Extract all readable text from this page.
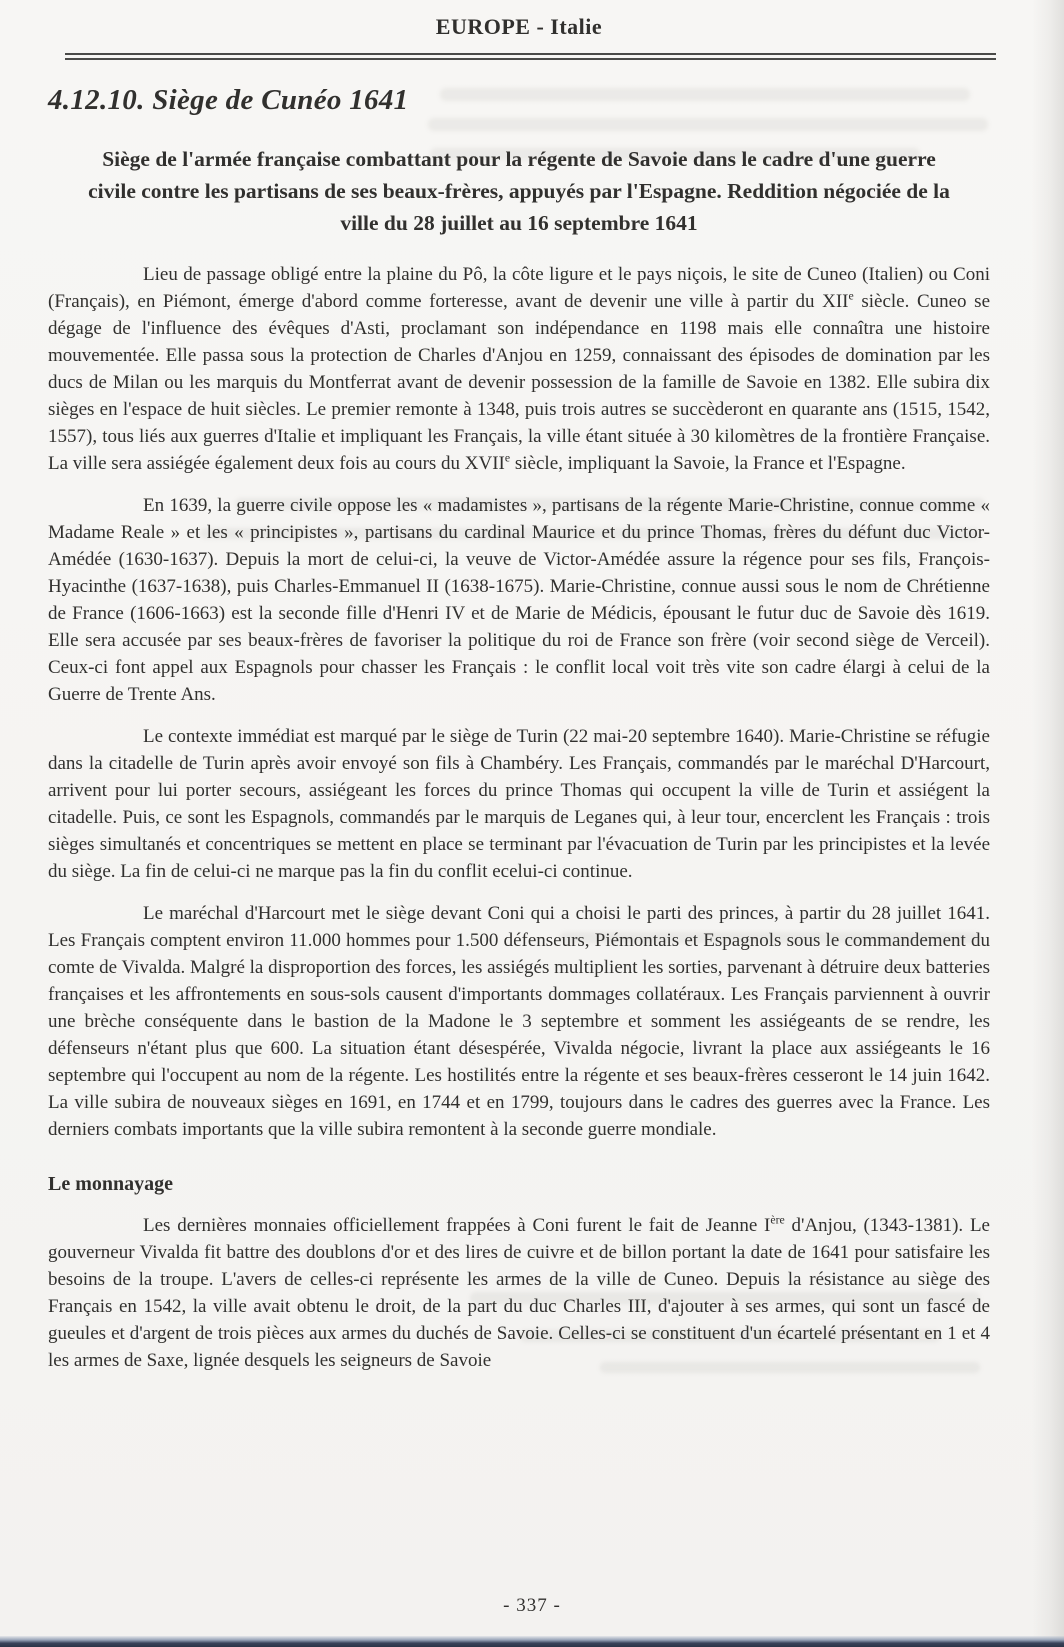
EUROPE - Italie
4.12.10. Siège de Cunéo 1641

Siège de l'armée française combattant pour la régente de Savoie dans le cadre d'une guerre civile contre les partisans de ses beaux-frères, appuyés par l'Espagne. Reddition négociée de la ville du 28 juillet au 16 septembre 1641

Lieu de passage obligé entre la plaine du Pô, la côte ligure et le pays niçois, le site de Cuneo (Italien) ou Coni (Français), en Piémont, émerge d'abord comme forteresse, avant de devenir une ville à partir du XIIe siècle. Cuneo se dégage de l'influence des évêques d'Asti, proclamant son indépendance en 1198 mais elle connaîtra une histoire mouvementée. Elle passa sous la protection de Charles d'Anjou en 1259, connaissant des épisodes de domination par les ducs de Milan ou les marquis du Montferrat avant de devenir possession de la famille de Savoie en 1382. Elle subira dix sièges en l'espace de huit siècles. Le premier remonte à 1348, puis trois autres se succèderont en quarante ans (1515, 1542, 1557), tous liés aux guerres d'Italie et impliquant les Français, la ville étant située à 30 kilomètres de la frontière Française. La ville sera assiégée également deux fois au cours du XVIIe siècle, impliquant la Savoie, la France et l'Espagne.

En 1639, la guerre civile oppose les « madamistes », partisans de la régente Marie-Christine, connue comme « Madame Reale » et les « principistes », partisans du cardinal Maurice et du prince Thomas, frères du défunt duc Victor-Amédée (1630-1637). Depuis la mort de celui-ci, la veuve de Victor-Amédée assure la régence pour ses fils, François-Hyacinthe (1637-1638), puis Charles-Emmanuel II (1638-1675). Marie-Christine, connue aussi sous le nom de Chrétienne de France (1606-1663) est la seconde fille d'Henri IV et de Marie de Médicis, épousant le futur duc de Savoie dès 1619. Elle sera accusée par ses beaux-frères de favoriser la politique du roi de France son frère (voir second siège de Verceil). Ceux-ci font appel aux Espagnols pour chasser les Français : le conflit local voit très vite son cadre élargi à celui de la Guerre de Trente Ans.

Le contexte immédiat est marqué par le siège de Turin (22 mai-20 septembre 1640). Marie-Christine se réfugie dans la citadelle de Turin après avoir envoyé son fils à Chambéry. Les Français, commandés par le maréchal D'Harcourt, arrivent pour lui porter secours, assiégeant les forces du prince Thomas qui occupent la ville de Turin et assiégent la citadelle. Puis, ce sont les Espagnols, commandés par le marquis de Leganes qui, à leur tour, encerclent les Français : trois sièges simultanés et concentriques se mettent en place se terminant par l'évacuation de Turin par les principistes et la levée du siège. La fin de celui-ci ne marque pas la fin du conflit ecelui-ci continue.

Le maréchal d'Harcourt met le siège devant Coni qui a choisi le parti des princes, à partir du 28 juillet 1641. Les Français comptent environ 11.000 hommes pour 1.500 défenseurs, Piémontais et Espagnols sous le commandement du comte de Vivalda. Malgré la disproportion des forces, les assiégés multiplient les sorties, parvenant à détruire deux batteries françaises et les affrontements en sous-sols causent d'importants dommages collatéraux. Les Français parviennent à ouvrir une brèche conséquente dans le bastion de la Madone le 3 septembre et somment les assiégeants de se rendre, les défenseurs n'étant plus que 600. La situation étant désespérée, Vivalda négocie, livrant la place aux assiégeants le 16 septembre qui l'occupent au nom de la régente. Les hostilités entre la régente et ses beaux-frères cesseront le 14 juin 1642. La ville subira de nouveaux sièges en 1691, en 1744 et en 1799, toujours dans le cadres des guerres avec la France. Les derniers combats importants que la ville subira remontent à la seconde guerre mondiale.

Le monnayage

Les dernières monnaies officiellement frappées à Coni furent le fait de Jeanne Ière d'Anjou, (1343-1381). Le gouverneur Vivalda fit battre des doublons d'or et des lires de cuivre et de billon portant la date de 1641 pour satisfaire les besoins de la troupe. L'avers de celles-ci représente les armes de la ville de Cuneo. Depuis la résistance au siège des Français en 1542, la ville avait obtenu le droit, de la part du duc Charles III, d'ajouter à ses armes, qui sont un fascé de gueules et d'argent de trois pièces aux armes du duchés de Savoie. Celles-ci se constituent d'un écartelé présentant en 1 et 4 les armes de Saxe, lignée desquels les seigneurs de Savoie

- 337 -
